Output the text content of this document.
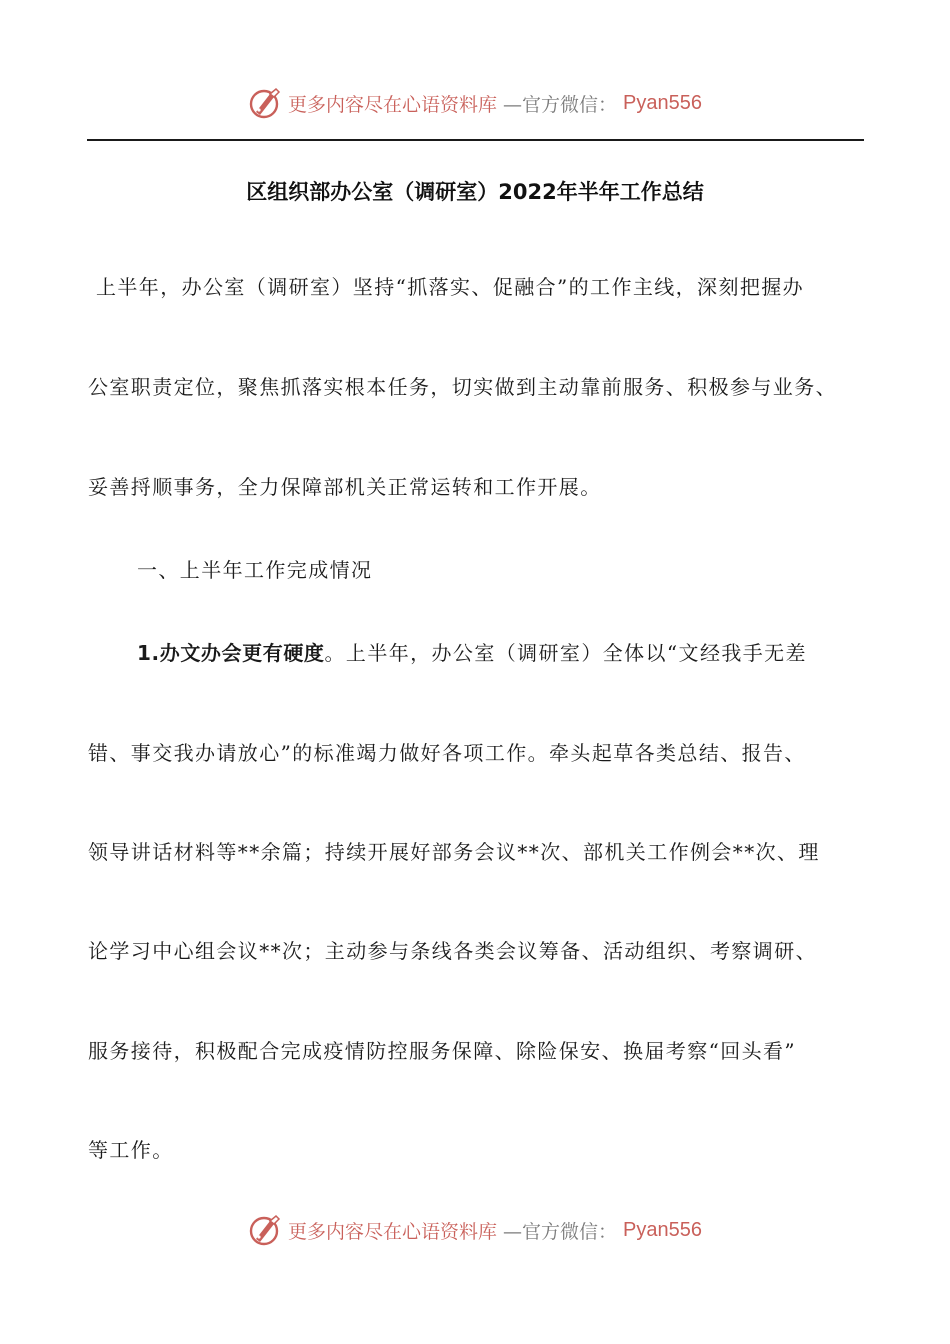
更多内容尽在心语资料库 —官方微信： Pyan556
区组织部办公室（调研室）2022年半年工作总结
上半年，办公室（调研室）坚持“抓落实、促融合”的工作主线，深刻把握办
公室职责定位，聚焦抓落实根本任务，切实做到主动靠前服务、积极参与业务、
妥善捋顺事务，全力保障部机关正常运转和工作开展。
一、上半年工作完成情况
1.办文办会更有硬度。上半年，办公室（调研室）全体以“文经我手无差
错、事交我办请放心”的标准竭力做好各项工作。牵头起草各类总结、报告、
领导讲话材料等**余篇；持续开展好部务会议**次、部机关工作例会**次、理
论学习中心组会议**次；主动参与条线各类会议筹备、活动组织、考察调研、
服务接待，积极配合完成疫情防控服务保障、除险保安、换届考察“回头看”
等工作。
更多内容尽在心语资料库 —官方微信： Pyan556
